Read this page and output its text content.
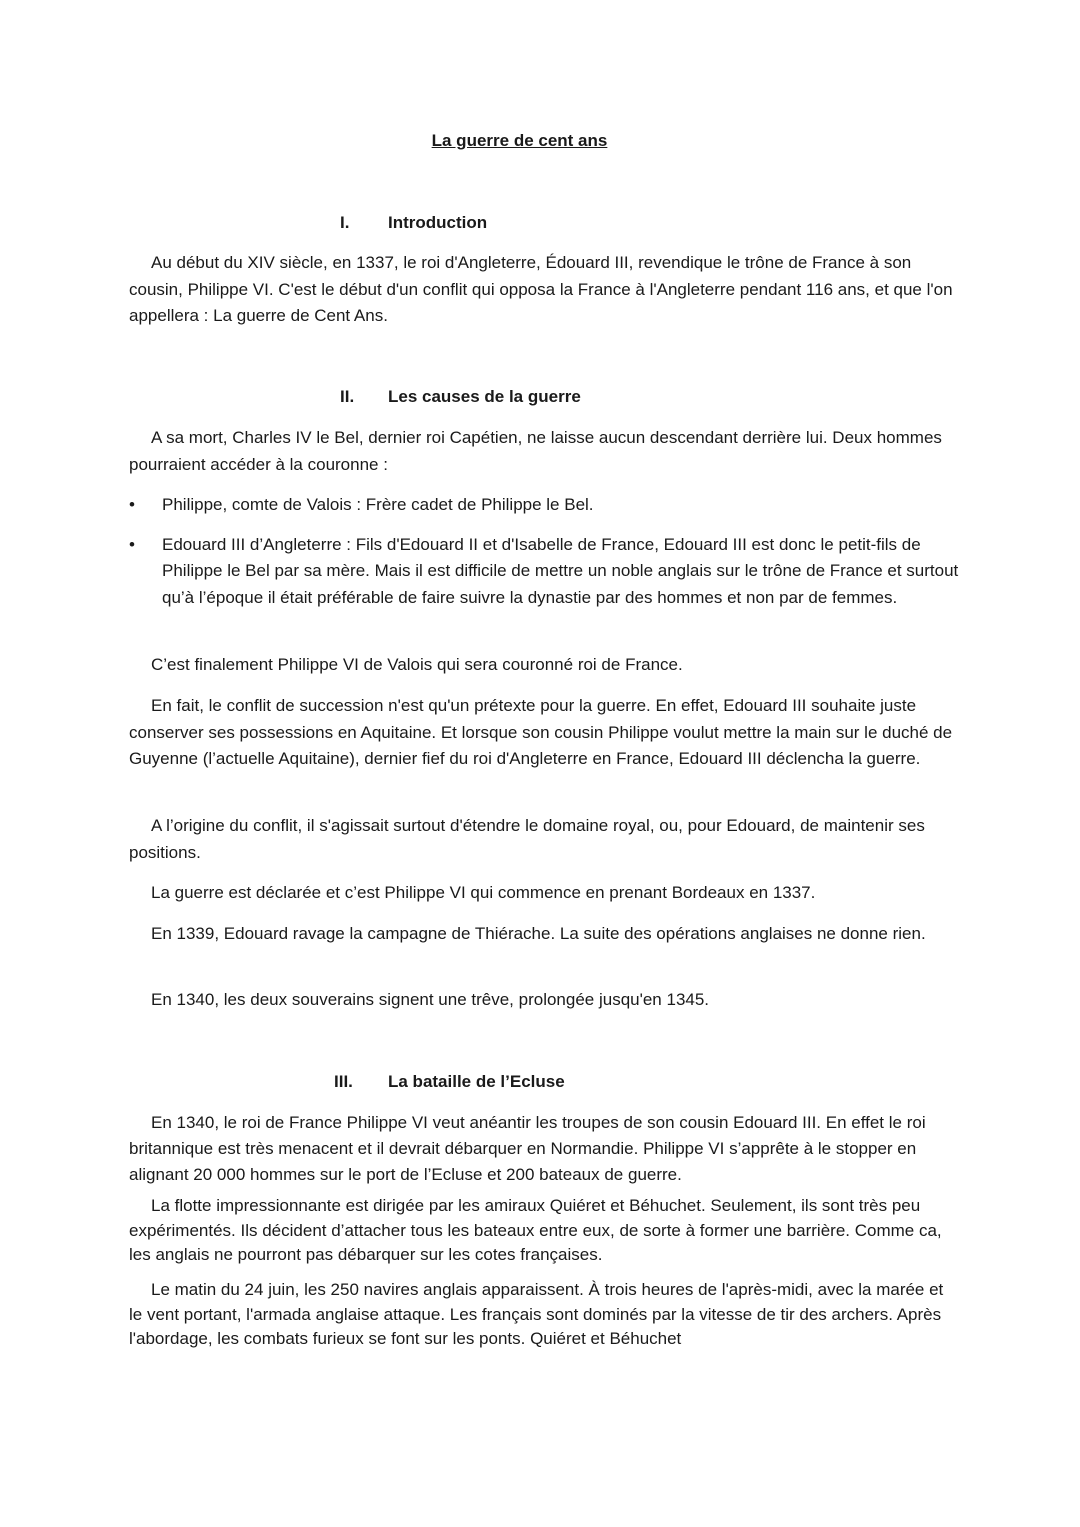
La guerre de cent ans
I. Introduction

Au début du XIV siècle, en 1337, le roi d'Angleterre, Édouard III, revendique le trône de France à son cousin, Philippe VI. C'est le début d'un conflit qui opposa la France à l'Angleterre pendant 116 ans, et que l'on appellera : La guerre de Cent Ans.

II. Les causes de la guerre

A sa mort, Charles IV le Bel, dernier roi Capétien, ne laisse aucun descendant derrière lui. Deux hommes pourraient accéder à la couronne :

• Philippe, comte de Valois : Frère cadet de Philippe le Bel.
• Edouard III d’Angleterre : Fils d'Edouard II et d'Isabelle de France, Edouard III est donc le petit-fils de Philippe le Bel par sa mère. Mais il est difficile de mettre un noble anglais sur le trône de France et surtout qu’à l’époque il était préférable de faire suivre la dynastie par des hommes et non par de femmes.

C’est finalement Philippe VI de Valois qui sera couronné roi de France.

En fait, le conflit de succession n'est qu'un prétexte pour la guerre. En effet, Edouard III souhaite juste conserver ses possessions en Aquitaine. Et lorsque son cousin Philippe voulut mettre la main sur le duché de Guyenne (l’actuelle Aquitaine), dernier fief du roi d'Angleterre en France, Edouard III déclencha la guerre.

A l’origine du conflit, il s'agissait surtout d'étendre le domaine royal, ou, pour Edouard, de maintenir ses positions.

La guerre est déclarée et c’est Philippe VI qui commence en prenant Bordeaux en 1337.

En 1339, Edouard ravage la campagne de Thiérache. La suite des opérations anglaises ne donne rien.

En 1340, les deux souverains signent une trêve, prolongée jusqu'en 1345.

III. La bataille de l’Ecluse

En 1340, le roi de France Philippe VI veut anéantir les troupes de son cousin Edouard III. En effet le roi britannique est très menacent et il devrait débarquer en Normandie. Philippe VI s’apprête à le stopper en alignant 20 000 hommes sur le port de l’Ecluse et 200 bateaux de guerre.

La flotte impressionnante est dirigée par les amiraux Quiéret et Béhuchet. Seulement, ils sont très peu expérimentés. Ils décident d’attacher tous les bateaux entre eux, de sorte à former une barrière. Comme ca, les anglais ne pourront pas débarquer sur les cotes françaises.

Le matin du 24 juin, les 250 navires anglais apparaissent. À trois heures de l'après-midi, avec la marée et le vent portant, l'armada anglaise attaque. Les français sont dominés par la vitesse de tir des archers. Après l'abordage, les combats furieux se font sur les ponts. Quiéret et Béhuchet
